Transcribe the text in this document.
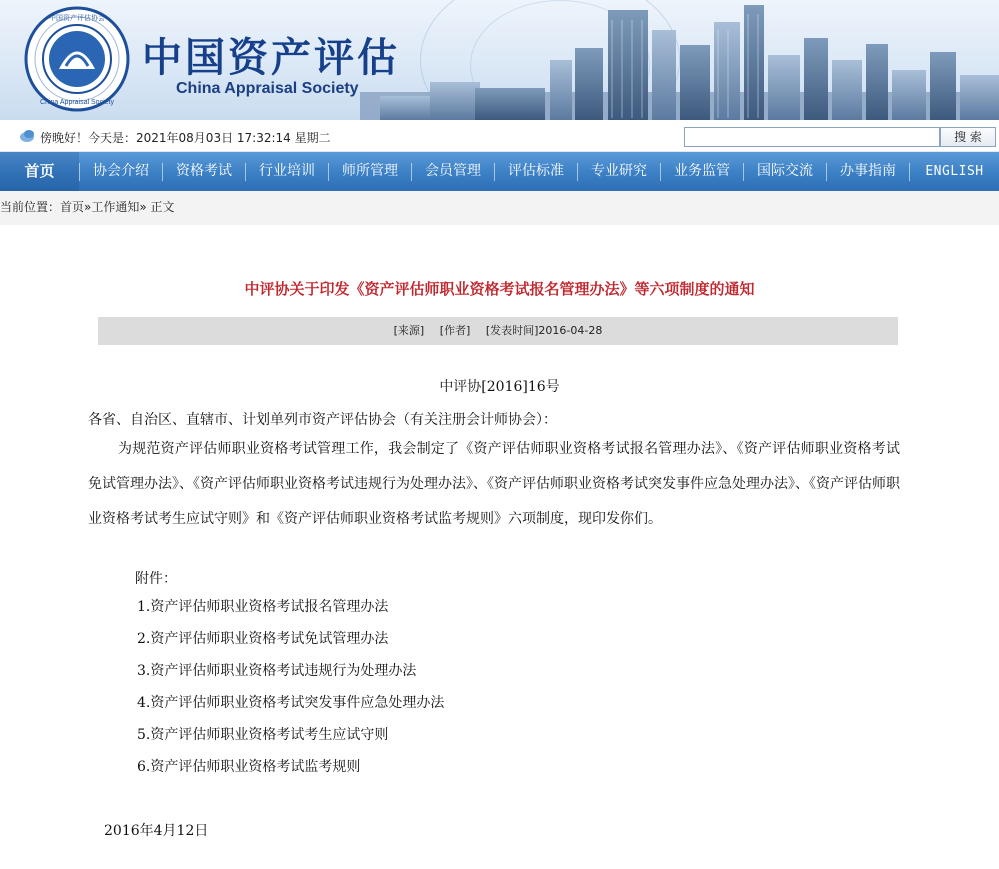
中国资产评估协会
China Appraisal Society
中国资产评估
China Appraisal Society
傍晚好！今天是：2021年08月03日 17:32:14 星期二	搜 索
首页	协会介绍	资格考试	行业培训	师所管理	会员管理	评估标准	专业研究	业务监管	国际交流	办事指南	ENGLISH
当前位置：首页»工作通知» 正文
中评协关于印发《资产评估师职业资格考试报名管理办法》等六项制度的通知
[来源] [作者] [发表时间]2016-04-28
中评协[2016]16号
各省、自治区、直辖市、计划单列市资产评估协会（有关注册会计师协会）：
为规范资产评估师职业资格考试管理工作，我会制定了《资产评估师职业资格考试报名管理办法》、《资产评估师职业资格考试免试管理办法》、《资产评估师职业资格考试违规行为处理办法》、《资产评估师职业资格考试突发事件应急处理办法》、《资产评估师职业资格考试考生应试守则》和《资产评估师职业资格考试监考规则》六项制度，现印发你们。
附件：
1.资产评估师职业资格考试报名管理办法
2.资产评估师职业资格考试免试管理办法
3.资产评估师职业资格考试违规行为处理办法
4.资产评估师职业资格考试突发事件应急处理办法
5.资产评估师职业资格考试考生应试守则
6.资产评估师职业资格考试监考规则
2016年4月12日
